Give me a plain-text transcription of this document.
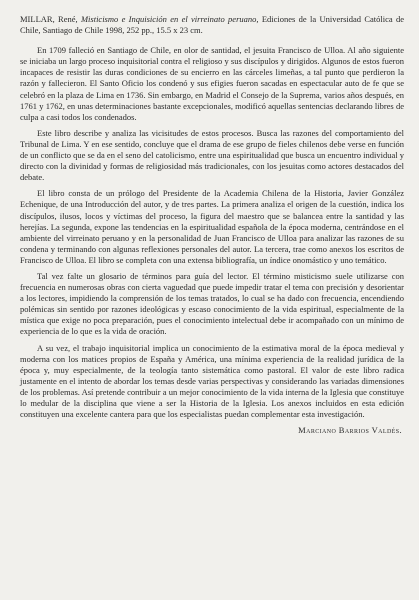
MILLAR, René, Misticismo e Inquisición en el virreinato peruano, Ediciones de la Universidad Católica de Chile, Santiago de Chile 1998, 252 pp., 15.5 x 23 cm.

En 1709 falleció en Santiago de Chile, en olor de santidad, el jesuita Francisco de Ulloa. Al año siguiente se iniciaba un largo proceso inquisitorial contra el religioso y sus discípulos y dirigidos. Algunos de estos fueron incapaces de resistir las duras condiciones de su encierro en las cárceles limeñas, a tal punto que perdieron la razón y fallecieron. El Santo Oficio los condenó y sus efigies fueron sacadas en espectacular auto de fe que se celebró en la plaza de Lima en 1736. Sin embargo, en Madrid el Consejo de la Suprema, varios años después, en 1761 y 1762, en unas determinaciones bastante excepcionales, modificó aquellas sentencias declarando libres de culpa a casi todos los condenados.

Este libro describe y analiza las vicisitudes de estos procesos. Busca las razones del comportamiento del Tribunal de Lima. Y en ese sentido, concluye que el drama de ese grupo de fieles chilenos debe verse en función de un conflicto que se da en el seno del catolicismo, entre una espiritualidad que busca un encuentro individual y directo con la divinidad y formas de religiosidad más tradicionales, con los jesuitas como actores destacados del debate.

El libro consta de un prólogo del Presidente de la Academia Chilena de la Historia, Javier González Echenique, de una Introducción del autor, y de tres partes. La primera analiza el origen de la cuestión, indica los discípulos, ilusos, locos y víctimas del proceso, la figura del maestro que se balancea entre la santidad y las herejías. La segunda, expone las tendencias en la espiritualidad española de la época moderna, centrándose en el ambiente del virreinato peruano y en la personalidad de Juan Francisco de Ulloa para analizar las razones de su condena y terminando con algunas reflexiones personales del autor. La tercera, trae como anexos los escritos de Francisco de Ulloa. El libro se completa con una extensa bibliografía, un índice onomástico y uno temático.

Tal vez falte un glosario de términos para guía del lector. El término misticismo suele utilizarse con frecuencia en numerosas obras con cierta vaguedad que puede impedir tratar el tema con precisión y desorientar a los lectores, impidiendo la comprensión de los temas tratados, lo cual se ha dado con frecuencia, encendiendo polémicas sin sentido por razones ideológicas y escaso conocimiento de la vida espiritual, especialmente de la mística que exige no poca preparación, pues el conocimiento intelectual debe ir acompañado con un mínimo de experiencia de lo que es la vida de oración.

A su vez, el trabajo inquisitorial implica un conocimiento de la estimativa moral de la época medieval y moderna con los matices propios de España y América, una mínima experiencia de la realidad jurídica de la época y, muy especialmente, de la teología tanto sistemática como pastoral. El valor de este libro radica justamente en el intento de abordar los temas desde varias perspectivas y considerando las variadas dimensiones de los problemas. Así pretende contribuir a un mejor conocimiento de la vida interna de la Iglesia que constituye lo medular de la disciplina que viene a ser la Historia de la Iglesia. Los anexos incluidos en esta edición constituyen una excelente cantera para que los especialistas puedan complementar esta investigación.

Marciano Barrios Valdés.
